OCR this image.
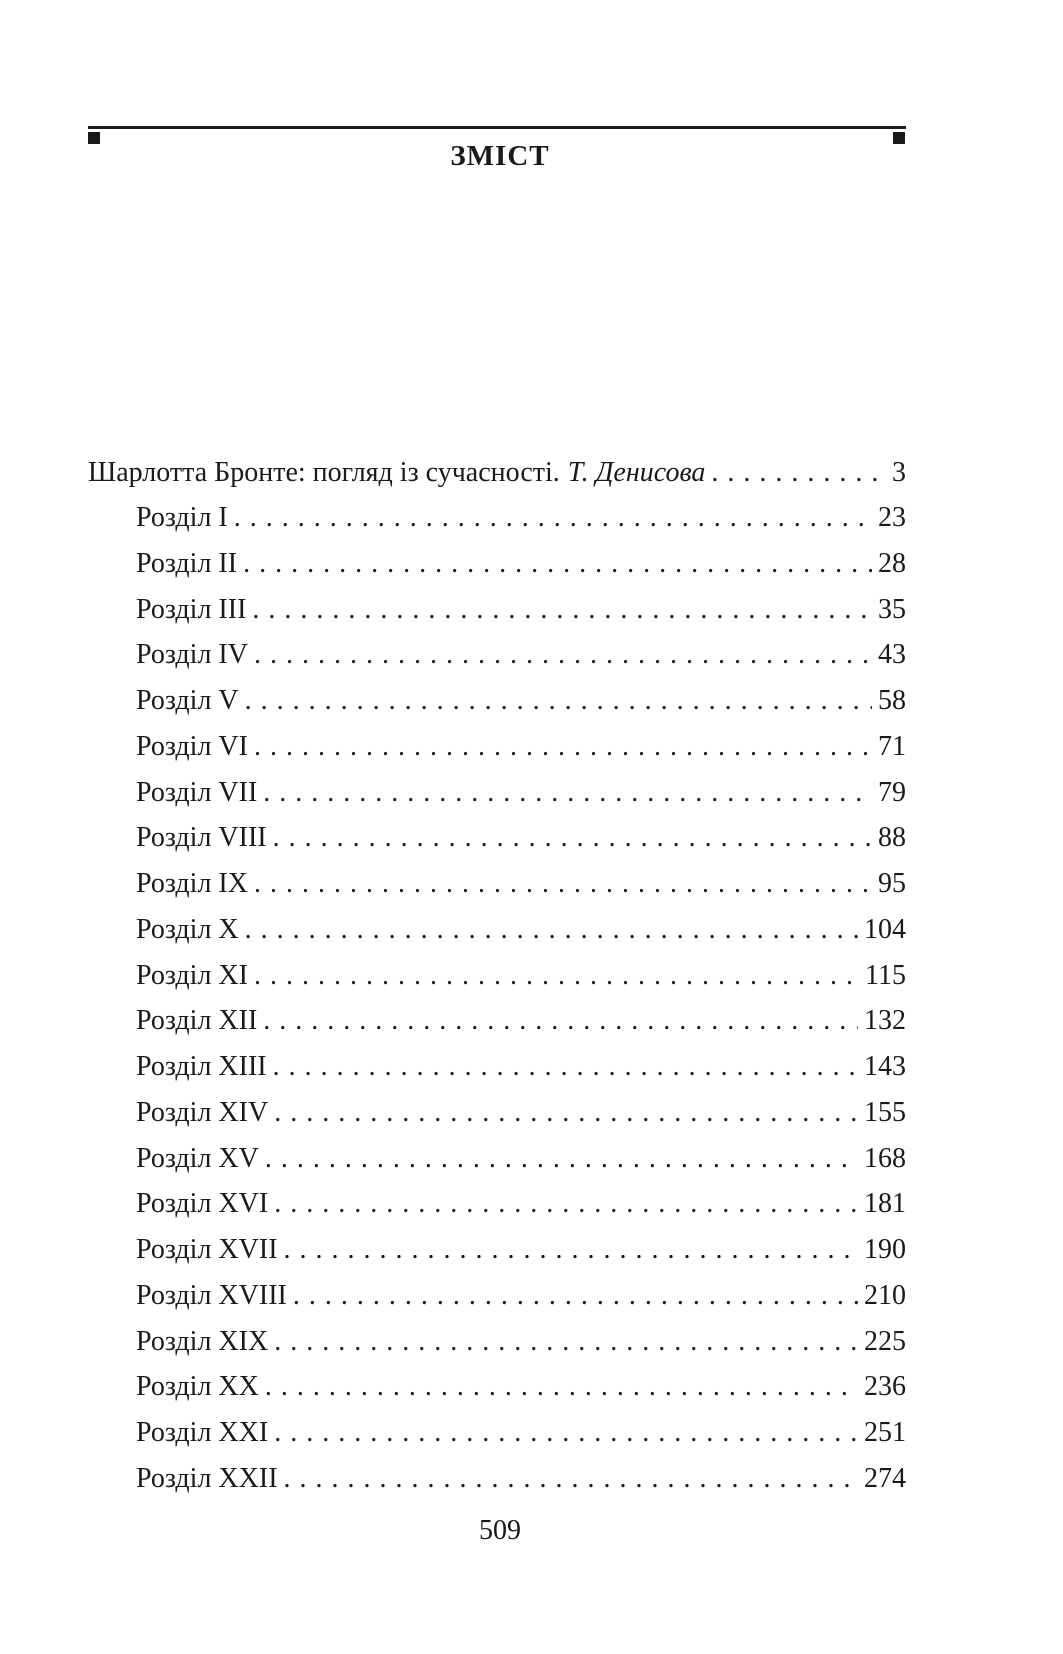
ЗМІСТ
Шарлотта Бронте: погляд із сучасності. Т. Денисова . . .	3
Розділ I . . .	23
Розділ II . . .	28
Розділ III . . .	35
Розділ IV . . .	43
Розділ V . . .	58
Розділ VI . . .	71
Розділ VII . . .	79
Розділ VIII . . .	88
Розділ IX . . .	95
Розділ X . . .	104
Розділ XI . . .	115
Розділ XII . . .	132
Розділ XIII . . .	143
Розділ XIV . . .	155
Розділ XV . . .	168
Розділ XVI . . .	181
Розділ XVII . . .	190
Розділ XVIII . . .	210
Розділ XIX . . .	225
Розділ XX . . .	236
Розділ XXI . . .	251
Розділ XXII . . .	274
509
